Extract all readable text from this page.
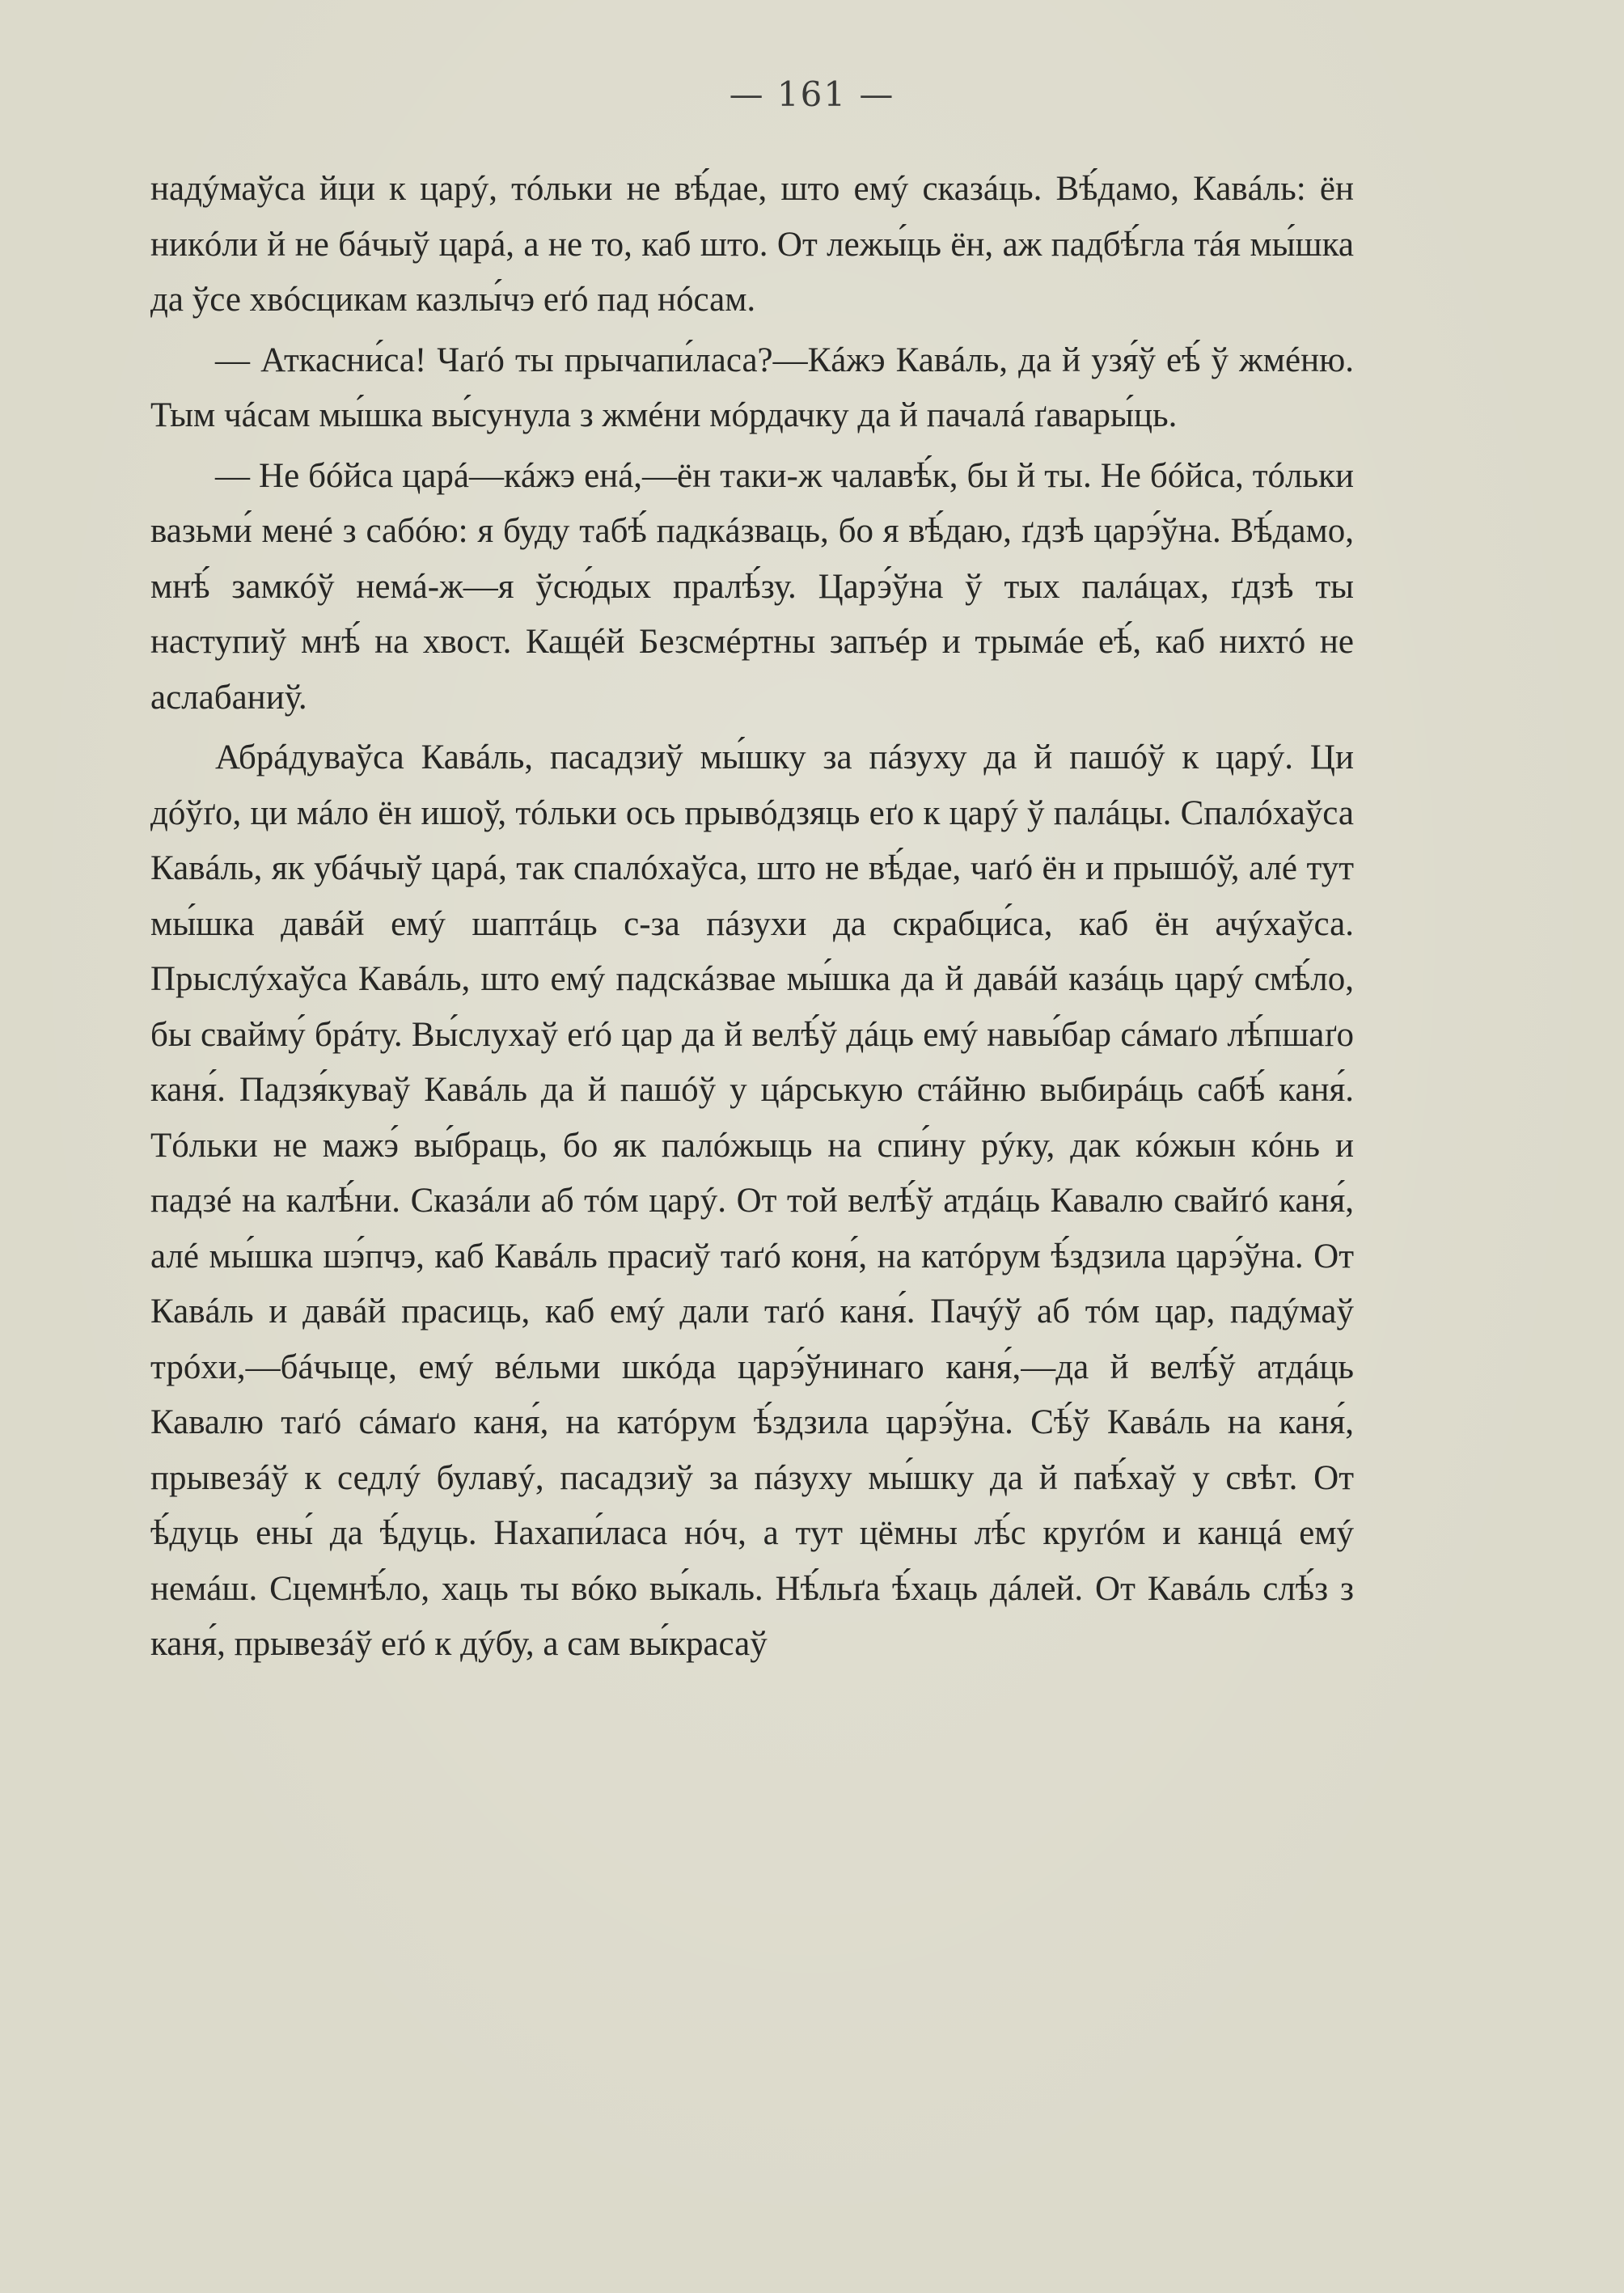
— 161 —

надýмаўса йци к царý, тóльки не вѣ́дае, што емý сказáць. Вѣ́дамо, Кавáль: ён никóли й не бáчыў царá, а не то, каб што. От лежы́ць ён, аж падбѣ́гла тáя мы́шка да ўсе хвóсцикам казлы́чэ еґó пад нóсам.

— Аткасни́са! Чаґó ты прычапи́ласа?—Кáжэ Кавáль, да й узя́ў еѣ́ ў жмéню. Тым чáсам мы́шка вы́сунула з жмéни мóрдачку да й пачалá ґавары́ць.

— Не бóйса царá—кáжэ енá,—ён таки-ж чалавѣ́к, бы й ты. Не бóйса, тóльки вазьми́ менé з сабóю: я буду табѣ́ падкáзваць, бо я вѣ́даю, ґдзѣ царэ́ўна. Вѣ́дамо, мнѣ́ замкóў немá-ж—я ўсю́дых пралѣ́зу. Царэ́ўна ў тых палáцах, ґдзѣ ты наступиў мнѣ́ на хвост. Кащéй Безсмéртны запъéр и трымáе еѣ́, каб нихтó не аслабаниў.

Абрáдуваўса Кавáль, пасадзиў мы́шку за пáзуху да й пашóў к царý. Ци дóўґо, ци мáло ён ишоў, тóльки ось прывóдзяць еґо к царý ў палáцы. Спалóхаўса Кавáль, як убáчыў царá, так спалóхаўса, што не вѣ́дае, чаґó ён и прышóў, алé тут мы́шка давáй емý шаптáць с-за пáзухи да скрабци́са, каб ён ачýхаўса. Прыслýхаўса Кавáль, што емý падскáзвае мы́шка да й давáй казáць царý смѣ́ло, бы свайму́ брáту. Вы́слухаў еґó цар да й велѣ́ў дáць емý навы́бар сáмаґо лѣ́пшаґо каня́. Падзя́куваў Кавáль да й пашóў у цáрськую стáйню выбирáць сабѣ́ каня́. Тóльки не мажэ́ вы́браць, бо як палóжыць на спи́ну рýку, дак кóжын кóнь и падзé на калѣ́ни. Сказáли аб тóм царý. От той велѣ́ў атдáць Кавалю свайґó каня́, алé мы́шка шэ́пчэ, каб Кавáль прасиў таґó коня́, на катóрум ѣ́здзила царэ́ўна. От Кавáль и давáй прасиць, каб емý дали таґó каня́. Пачýў аб тóм цар, падýмаў трóхи,—бáчыце, емý вéльми шкóда царэ́ўнинаго каня́,—да й велѣ́ў атдáць Кавалю таґó сáмаґо каня́, на катóрум ѣ́здзила царэ́ўна. Сѣ́ў Кавáль на каня́, прывезáў к седлý булавý, пасадзиў за пáзуху мы́шку да й паѣ́хаў у свѣт. От ѣ́дуць ены́ да ѣ́дуць. Нахапи́ласа нóч, а тут цёмны лѣ́с круґóм и канцá емý немáш. Сцемнѣ́ло, хаць ты вóко вы́каль. Нѣ́льґа ѣ́хаць дáлей. От Кавáль слѣ́з з каня́, прывезáў еґó к дýбу, а сам вы́красаў
